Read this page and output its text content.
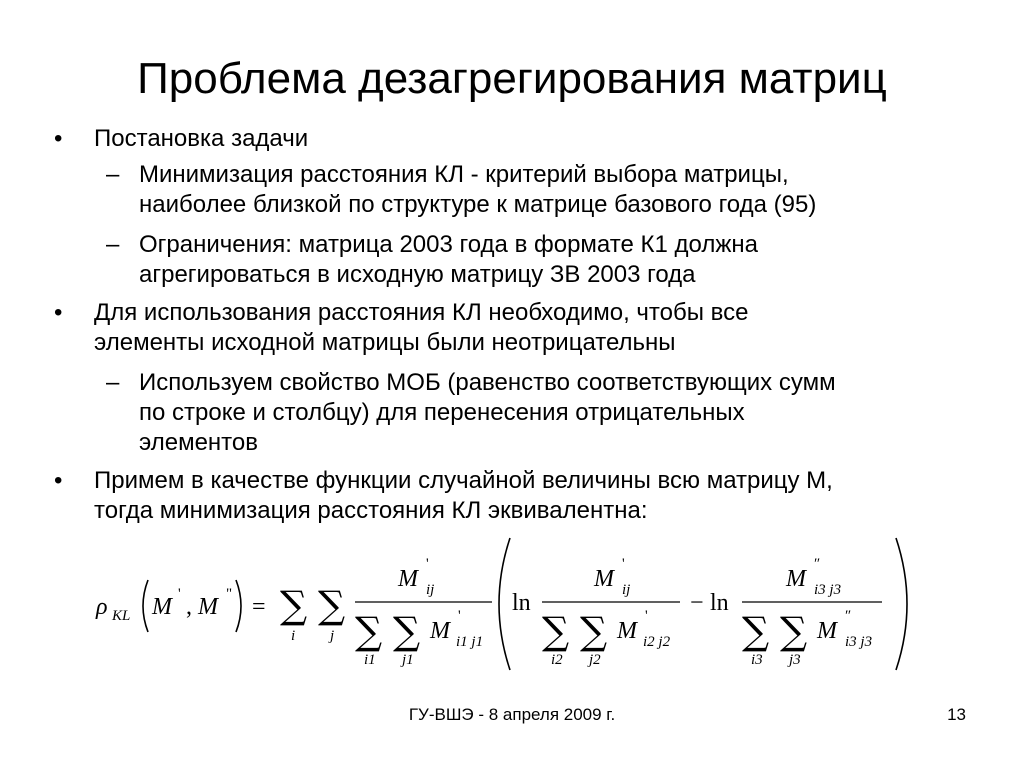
Проблема дезагрегирования матриц
• Постановка задачи
– Минимизация расстояния КЛ - критерий выбора матрицы,
наиболее близкой по структуре к матрице базового года (95)
– Ограничения: матрица 2003 года в формате К1 должна
агрегироваться в исходную матрицу ЗВ 2003 года
• Для использования расстояния КЛ необходимо, чтобы все
элементы исходной матрицы были неотрицательны
– Используем свойство МОБ (равенство соответствующих сумм
по строке и столбцу) для перенесения отрицательных
элементов
• Примем в качестве функции случайной величины всю матрицу М,
тогда минимизация расстояния КЛ эквивалентна:
ρ KL M ' , M " = ∑
i
∑
j
M
'
ij
∑
i1
∑
j1
M
'
i1 j1
ln
M
'
ij
∑
i2
∑
j2
M
'
i2 j2
− ln
M
″
i3 j3
∑
i3
∑
j3
M
″
i3 j3
ГУ-ВШЭ - 8 апреля 2009 г.	13
